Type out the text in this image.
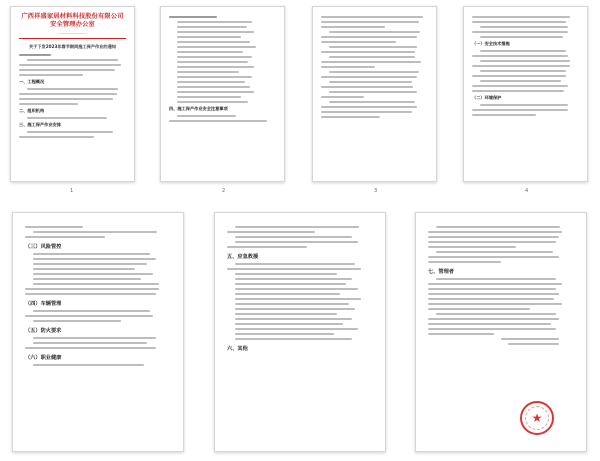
广西祥盛家居材料科技股份有限公司
安全管理办公室
————————
关于下发2023年春节期间施工保产作业的通知
一、工程概况
二、组织机构
三、施工保产作业安排
1
四、施工保产作业安全注意事项
2	3
（一）安全技术措施
（二）环境保护
4
（三）风险管控
（四）车辆管理
（五）防火要求
（六）职业健康
五、应急救援
六、其他
七、管理者
★
